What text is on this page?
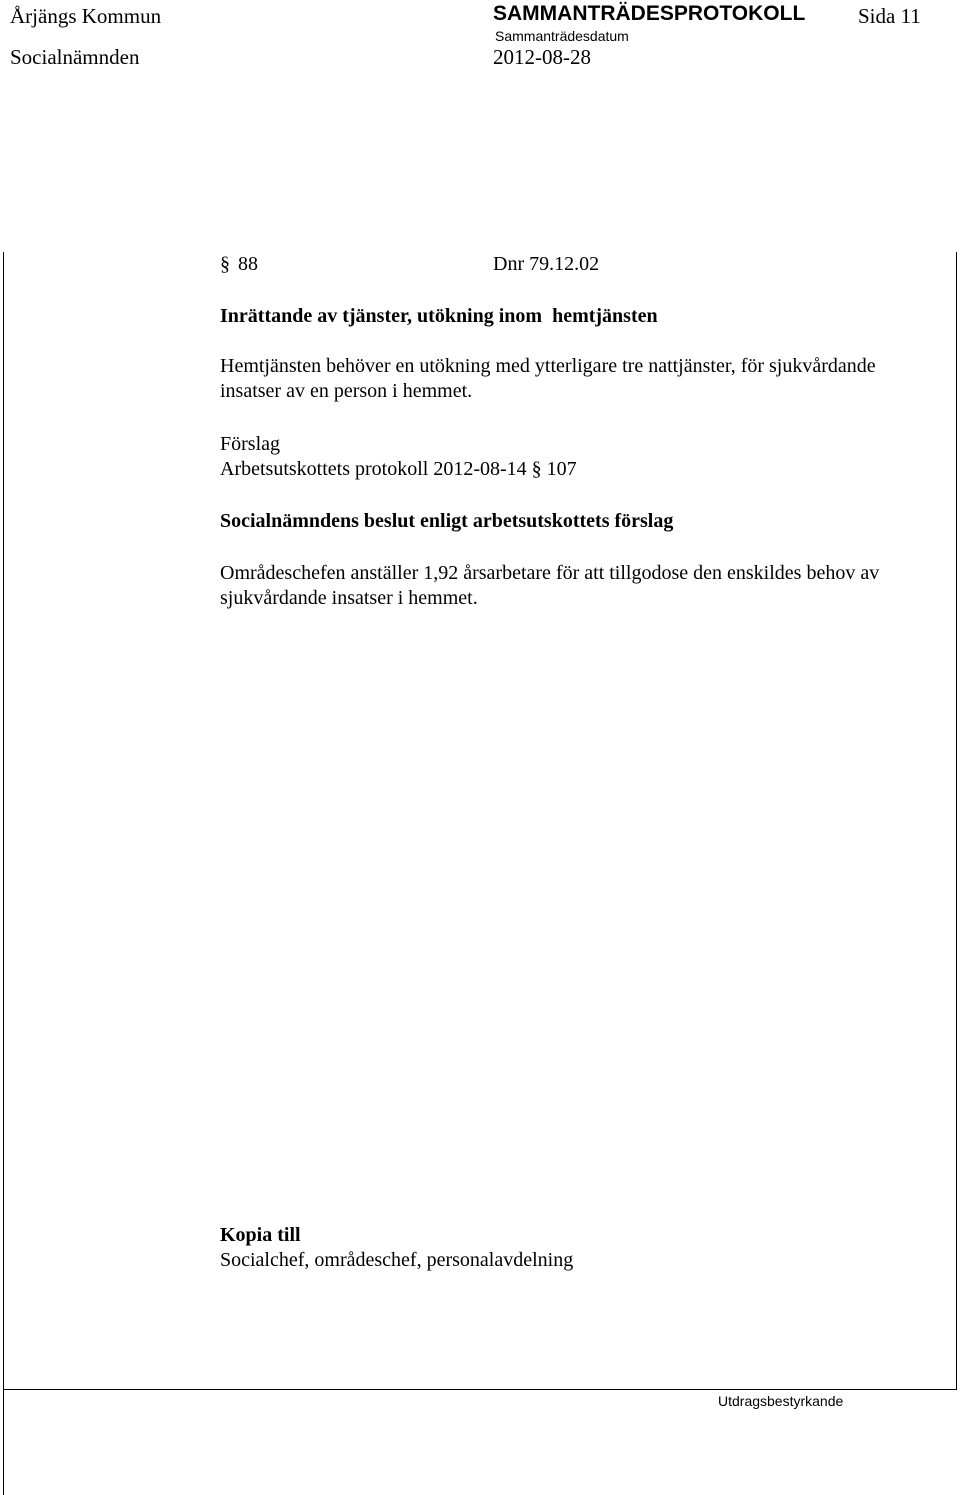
Årjängs Kommun	SAMMANTRÄDESPROTOKOLL	Sida 11
Socialnämnden
Sammanträdesdatum
2012-08-28
§ 88	Dnr 79.12.02
Inrättande av tjänster, utökning inom  hemtjänsten
Hemtjänsten behöver en utökning med ytterligare tre nattjänster, för sjukvårdande
insatser av en person i hemmet.
Förslag
Arbetsutskottets protokoll 2012-08-14 § 107
Socialnämndens beslut enligt arbetsutskottets förslag
Områdeschefen anställer 1,92 årsarbetare för att tillgodose den enskildes behov av
sjukvårdande insatser i hemmet.
Kopia till
Socialchef, områdeschef, personalavdelning
Utdragsbestyrkande
